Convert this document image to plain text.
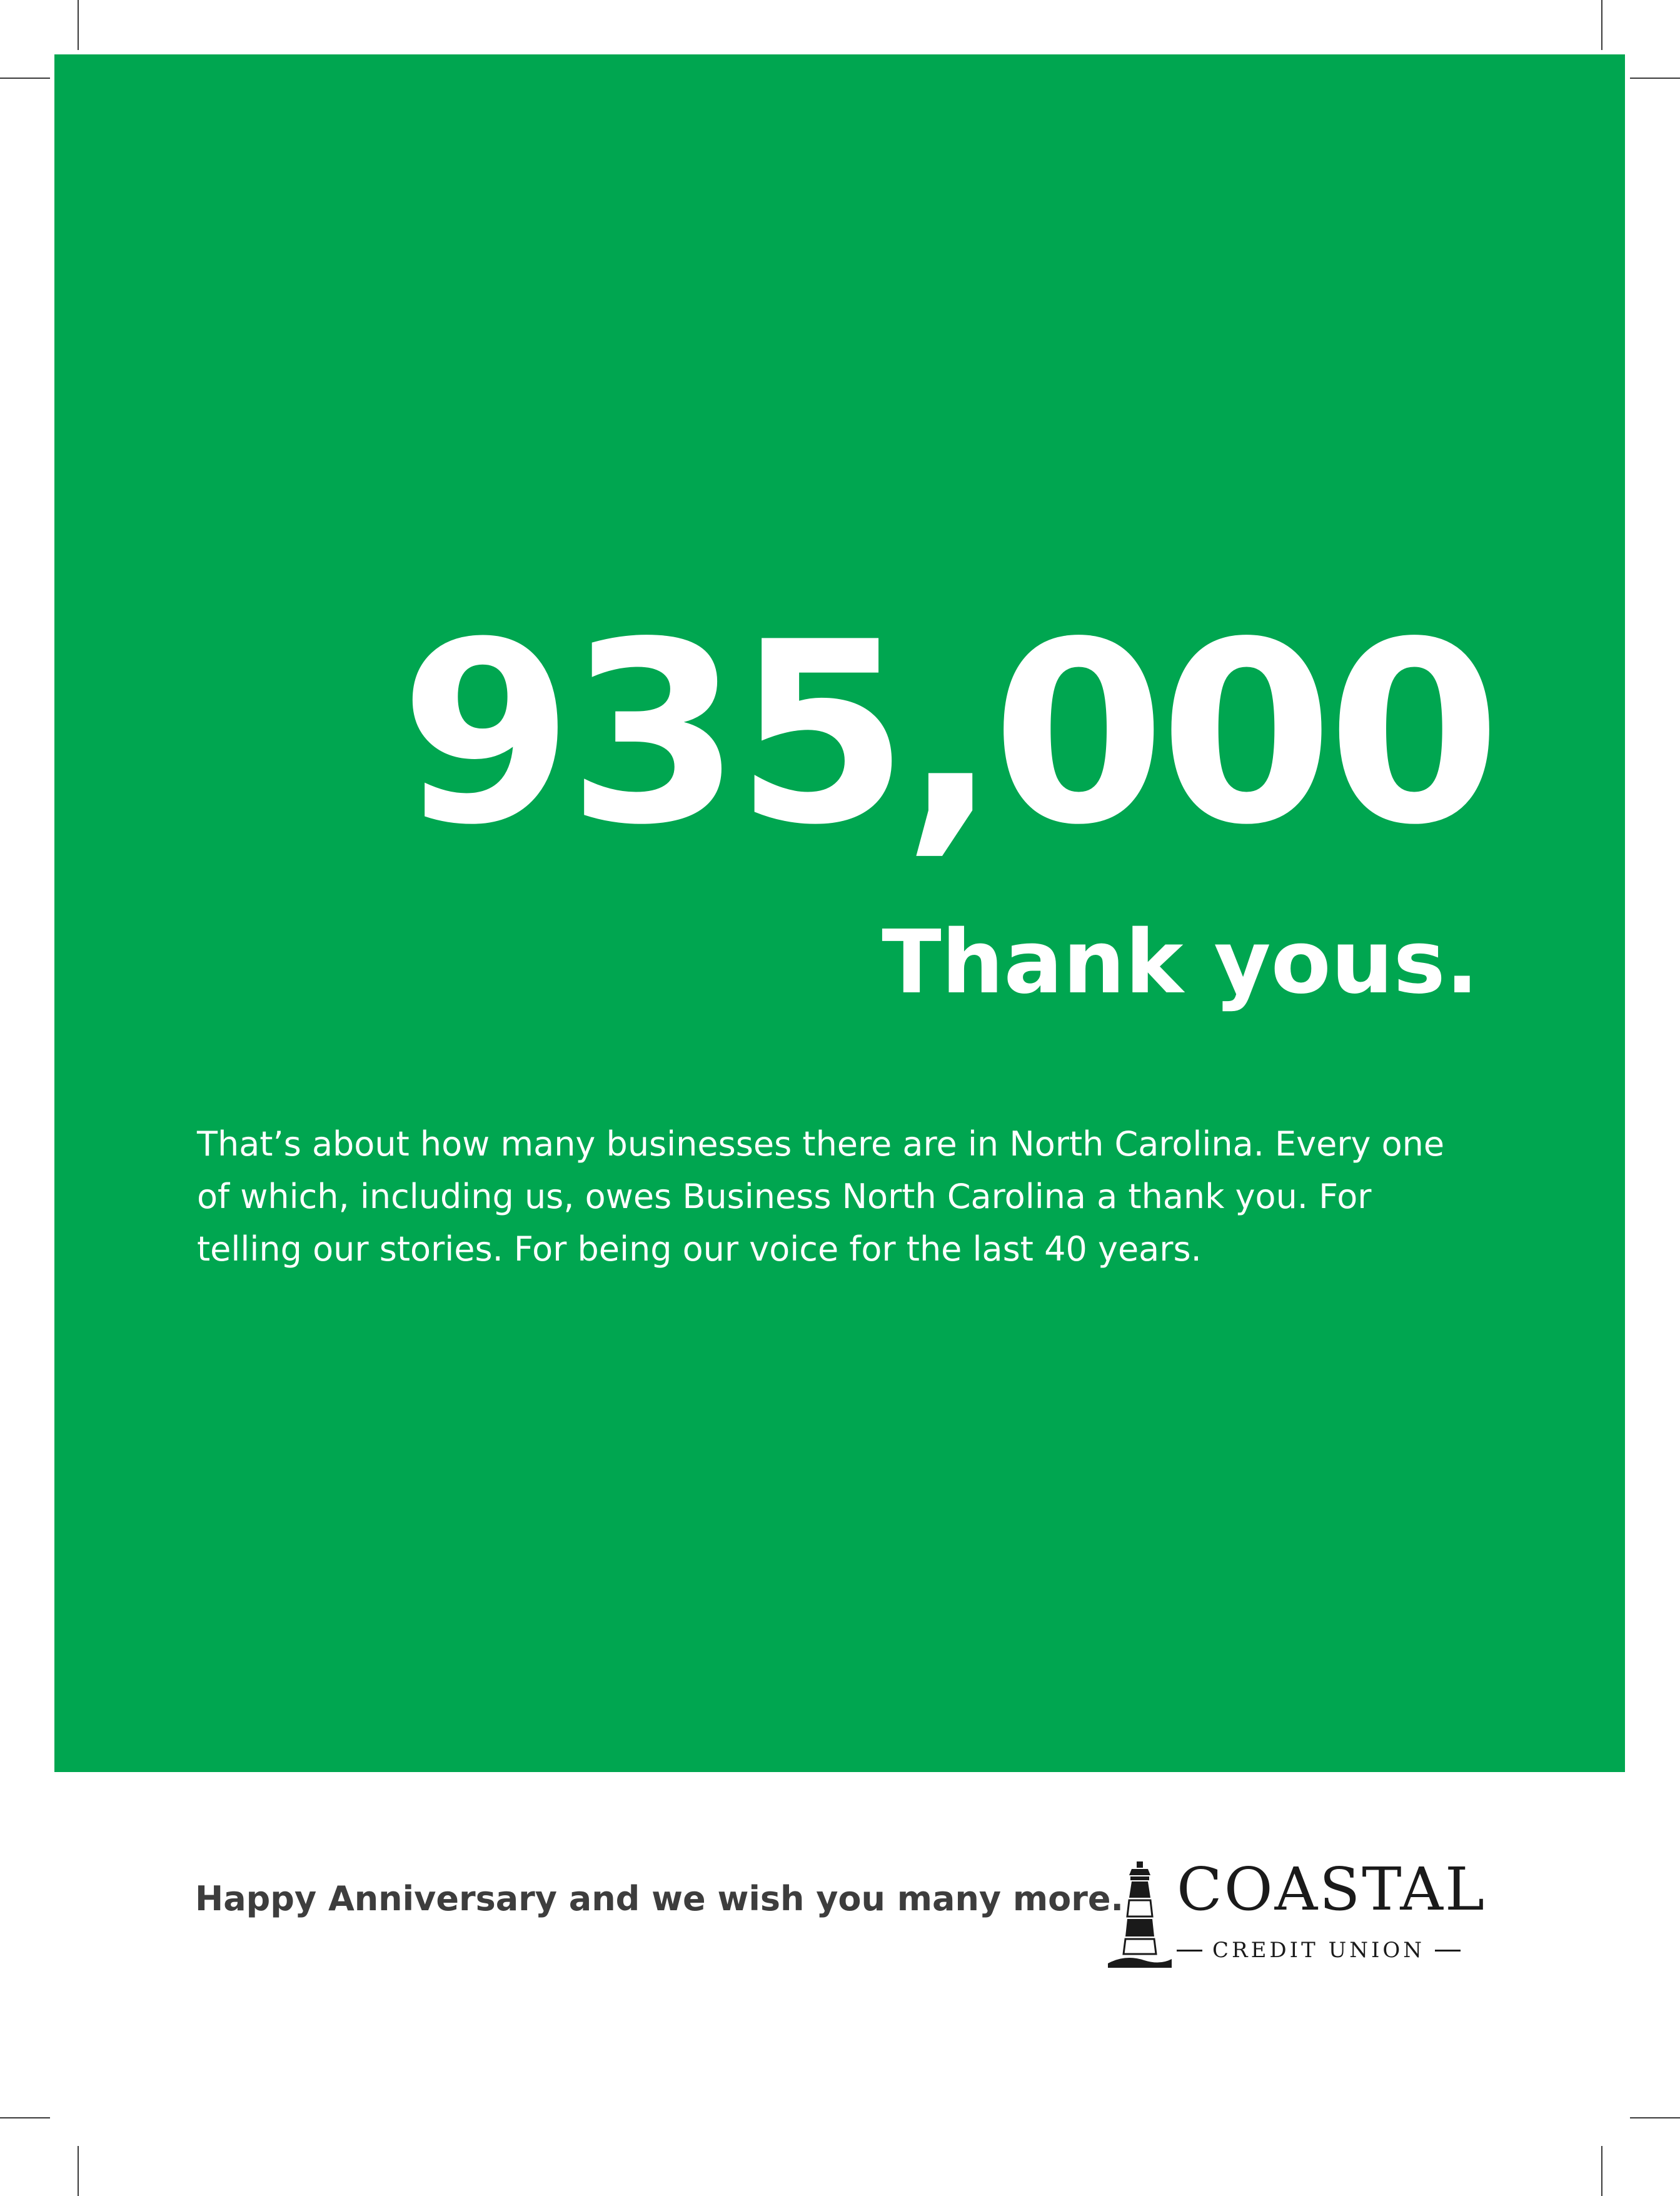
935,000
Thank yous.
That’s about how many businesses there are in North Carolina. Every one of which, including us, owes Business North Carolina a thank you. For telling our stories. For being our voice for the last 40 years.
Happy Anniversary and we wish you many more. COASTAL
CREDIT UNION
